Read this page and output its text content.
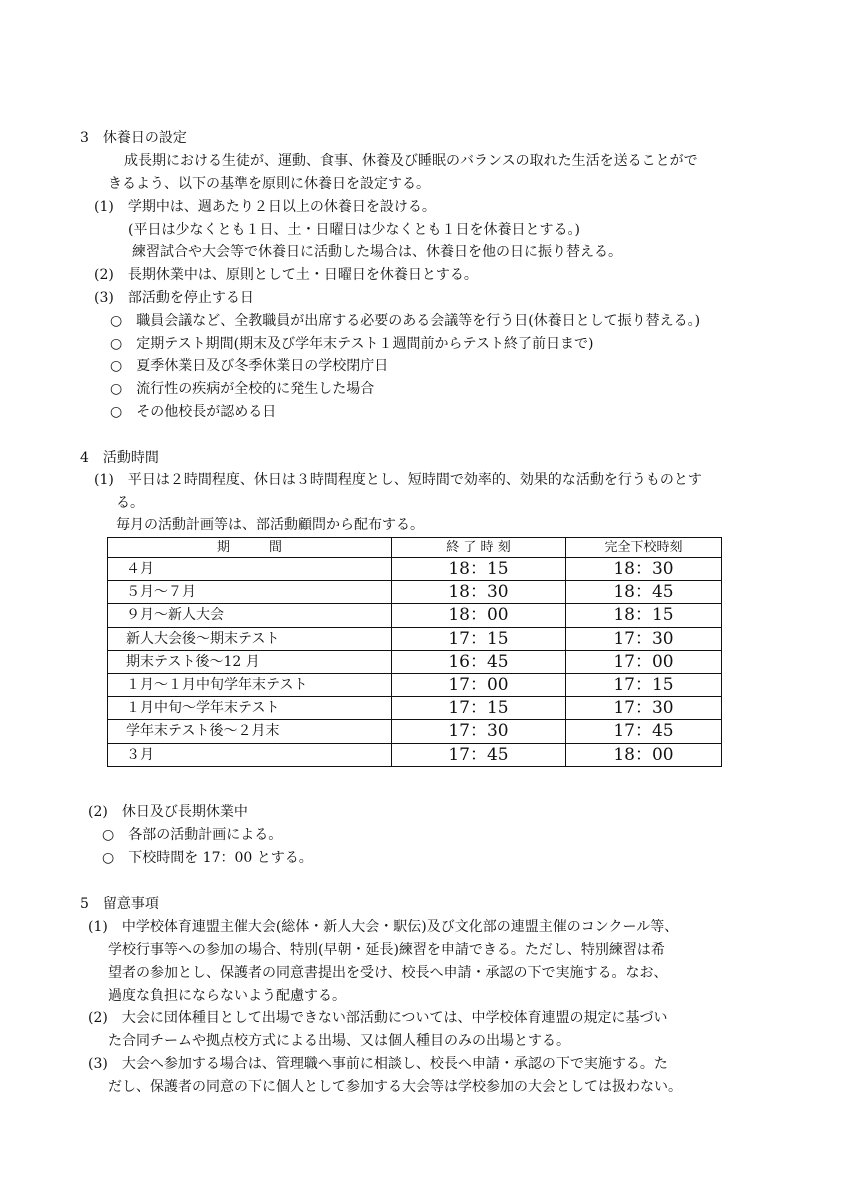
3　休養日の設定
成長期における生徒が、運動、食事、休養及び睡眠のバランスの取れた生活を送ることがで
きるよう、以下の基準を原則に休養日を設定する。
(1)　学期中は、週あたり２日以上の休養日を設ける。
(平日は少なくとも１日、土・日曜日は少なくとも１日を休養日とする。)
練習試合や大会等で休養日に活動した場合は、休養日を他の日に振り替える。
(2)　長期休業中は、原則として土・日曜日を休養日とする。
(3)　部活動を停止する日
○　職員会議など、全教職員が出席する必要のある会議等を行う日(休養日として振り替える。)
○　定期テスト期間(期末及び学年末テスト１週間前からテスト終了前日まで)
○　夏季休業日及び冬季休業日の学校閉庁日
○　流行性の疾病が全校的に発生した場合
○　その他校長が認める日
4　活動時間
(1)　平日は２時間程度、休日は３時間程度とし、短時間で効率的、効果的な活動を行うものとす
る。
毎月の活動計画等は、部活動顧問から配布する。
期　　　間	終 了 時 刻	完全下校時刻
４月	18：15	18：30
５月～７月	18：30	18：45
９月～新人大会	18：00	18：15
新人大会後～期末テスト	17：15	17：30
期末テスト後～12 月	16：45	17：00
１月～１月中旬学年末テスト	17：00	17：15
１月中旬～学年末テスト	17：15	17：30
学年末テスト後～２月末	17：30	17：45
３月	17：45	18：00
(2)　休日及び長期休業中
○　各部の活動計画による。
○　下校時間を 17：00 とする。
5　留意事項
(1)　中学校体育連盟主催大会(総体・新人大会・駅伝)及び文化部の連盟主催のコンクール等、
学校行事等への参加の場合、特別(早朝・延長)練習を申請できる。ただし、特別練習は希
望者の参加とし、保護者の同意書提出を受け、校長へ申請・承認の下で実施する。なお、
過度な負担にならないよう配慮する。
(2)　大会に団体種目として出場できない部活動については、中学校体育連盟の規定に基づい
た合同チームや拠点校方式による出場、又は個人種目のみの出場とする。
(3)　大会へ参加する場合は、管理職へ事前に相談し、校長へ申請・承認の下で実施する。た
だし、保護者の同意の下に個人として参加する大会等は学校参加の大会としては扱わない。
